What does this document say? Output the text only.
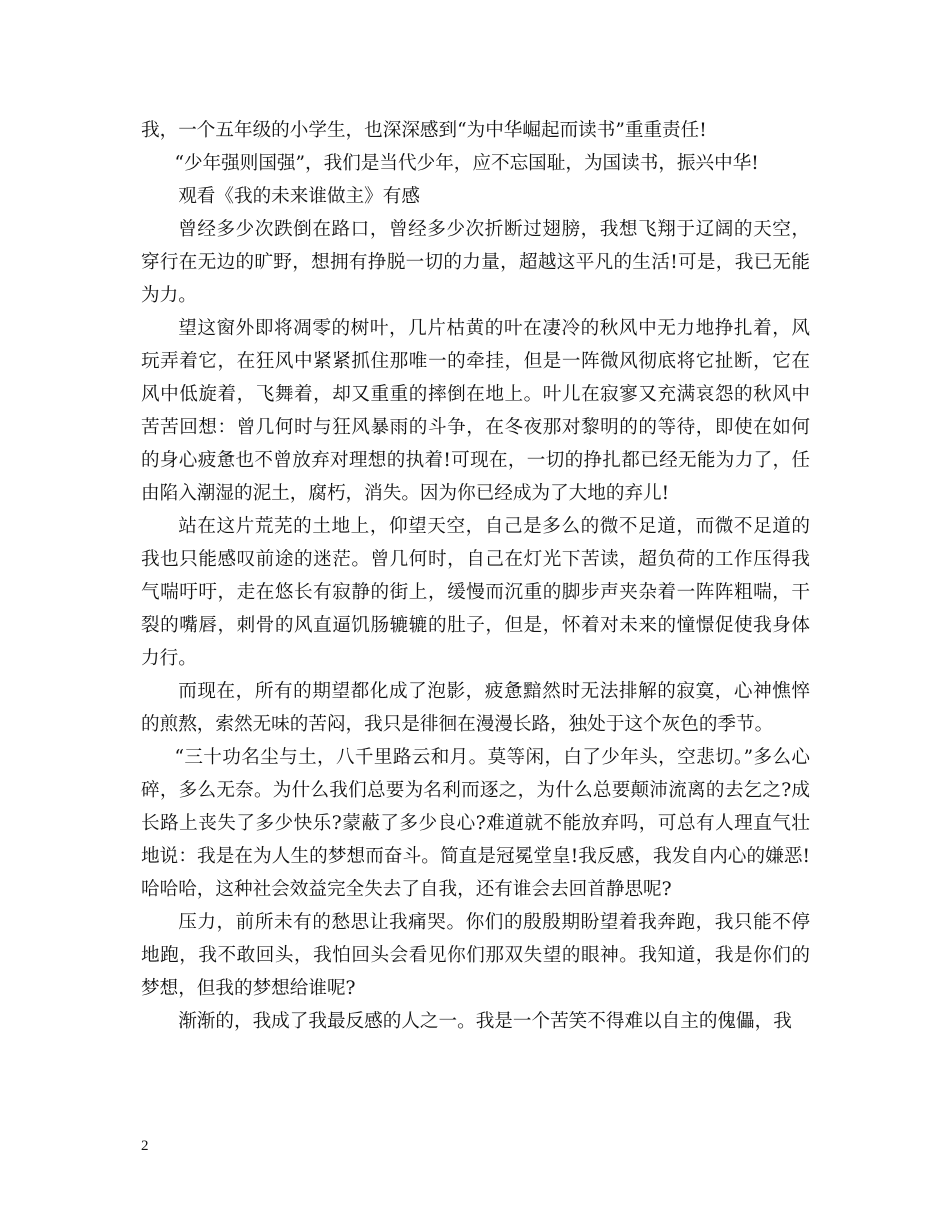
我，一个五年级的小学生，也深深感到“为中华崛起而读书”重重责任!

“少年强则国强”，我们是当代少年，应不忘国耻，为国读书，振兴中华!

观看《我的未来谁做主》有感

曾经多少次跌倒在路口，曾经多少次折断过翅膀，我想飞翔于辽阔的天空，穿行在无边的旷野，想拥有挣脱一切的力量，超越这平凡的生活!可是，我已无能为力。

望这窗外即将凋零的树叶，几片枯黄的叶在凄冷的秋风中无力地挣扎着，风玩弄着它，在狂风中紧紧抓住那唯一的牵挂，但是一阵微风彻底将它扯断，它在风中低旋着，飞舞着，却又重重的摔倒在地上。叶儿在寂寥又充满哀怨的秋风中苦苦回想：曾几何时与狂风暴雨的斗争，在冬夜那对黎明的的等待，即使在如何的身心疲惫也不曾放弃对理想的执着!可现在，一切的挣扎都已经无能为力了，任由陷入潮湿的泥土，腐朽，消失。因为你已经成为了大地的弃儿!

站在这片荒芜的土地上，仰望天空，自己是多么的微不足道，而微不足道的我也只能感叹前途的迷茫。曾几何时，自己在灯光下苦读，超负荷的工作压得我气喘吁吁，走在悠长有寂静的街上，缓慢而沉重的脚步声夹杂着一阵阵粗喘，干裂的嘴唇，刺骨的风直逼饥肠辘辘的肚子，但是，怀着对未来的憧憬促使我身体力行。

而现在，所有的期望都化成了泡影，疲惫黯然时无法排解的寂寞，心神憔悴的煎熬，索然无味的苦闷，我只是徘徊在漫漫长路，独处于这个灰色的季节。

“三十功名尘与土，八千里路云和月。莫等闲，白了少年头，空悲切。”多么心碎，多么无奈。为什么我们总要为名利而逐之，为什么总要颠沛流离的去乞之?成长路上丧失了多少快乐?蒙蔽了多少良心?难道就不能放弃吗，可总有人理直气壮地说：我是在为人生的梦想而奋斗。简直是冠冕堂皇!我反感，我发自内心的嫌恶!哈哈哈，这种社会效益完全失去了自我，还有谁会去回首静思呢?

压力，前所未有的愁思让我痛哭。你们的殷殷期盼望着我奔跑，我只能不停地跑，我不敢回头，我怕回头会看见你们那双失望的眼神。我知道，我是你们的梦想，但我的梦想给谁呢?

渐渐的，我成了我最反感的人之一。我是一个苦笑不得难以自主的傀儡，我

2
